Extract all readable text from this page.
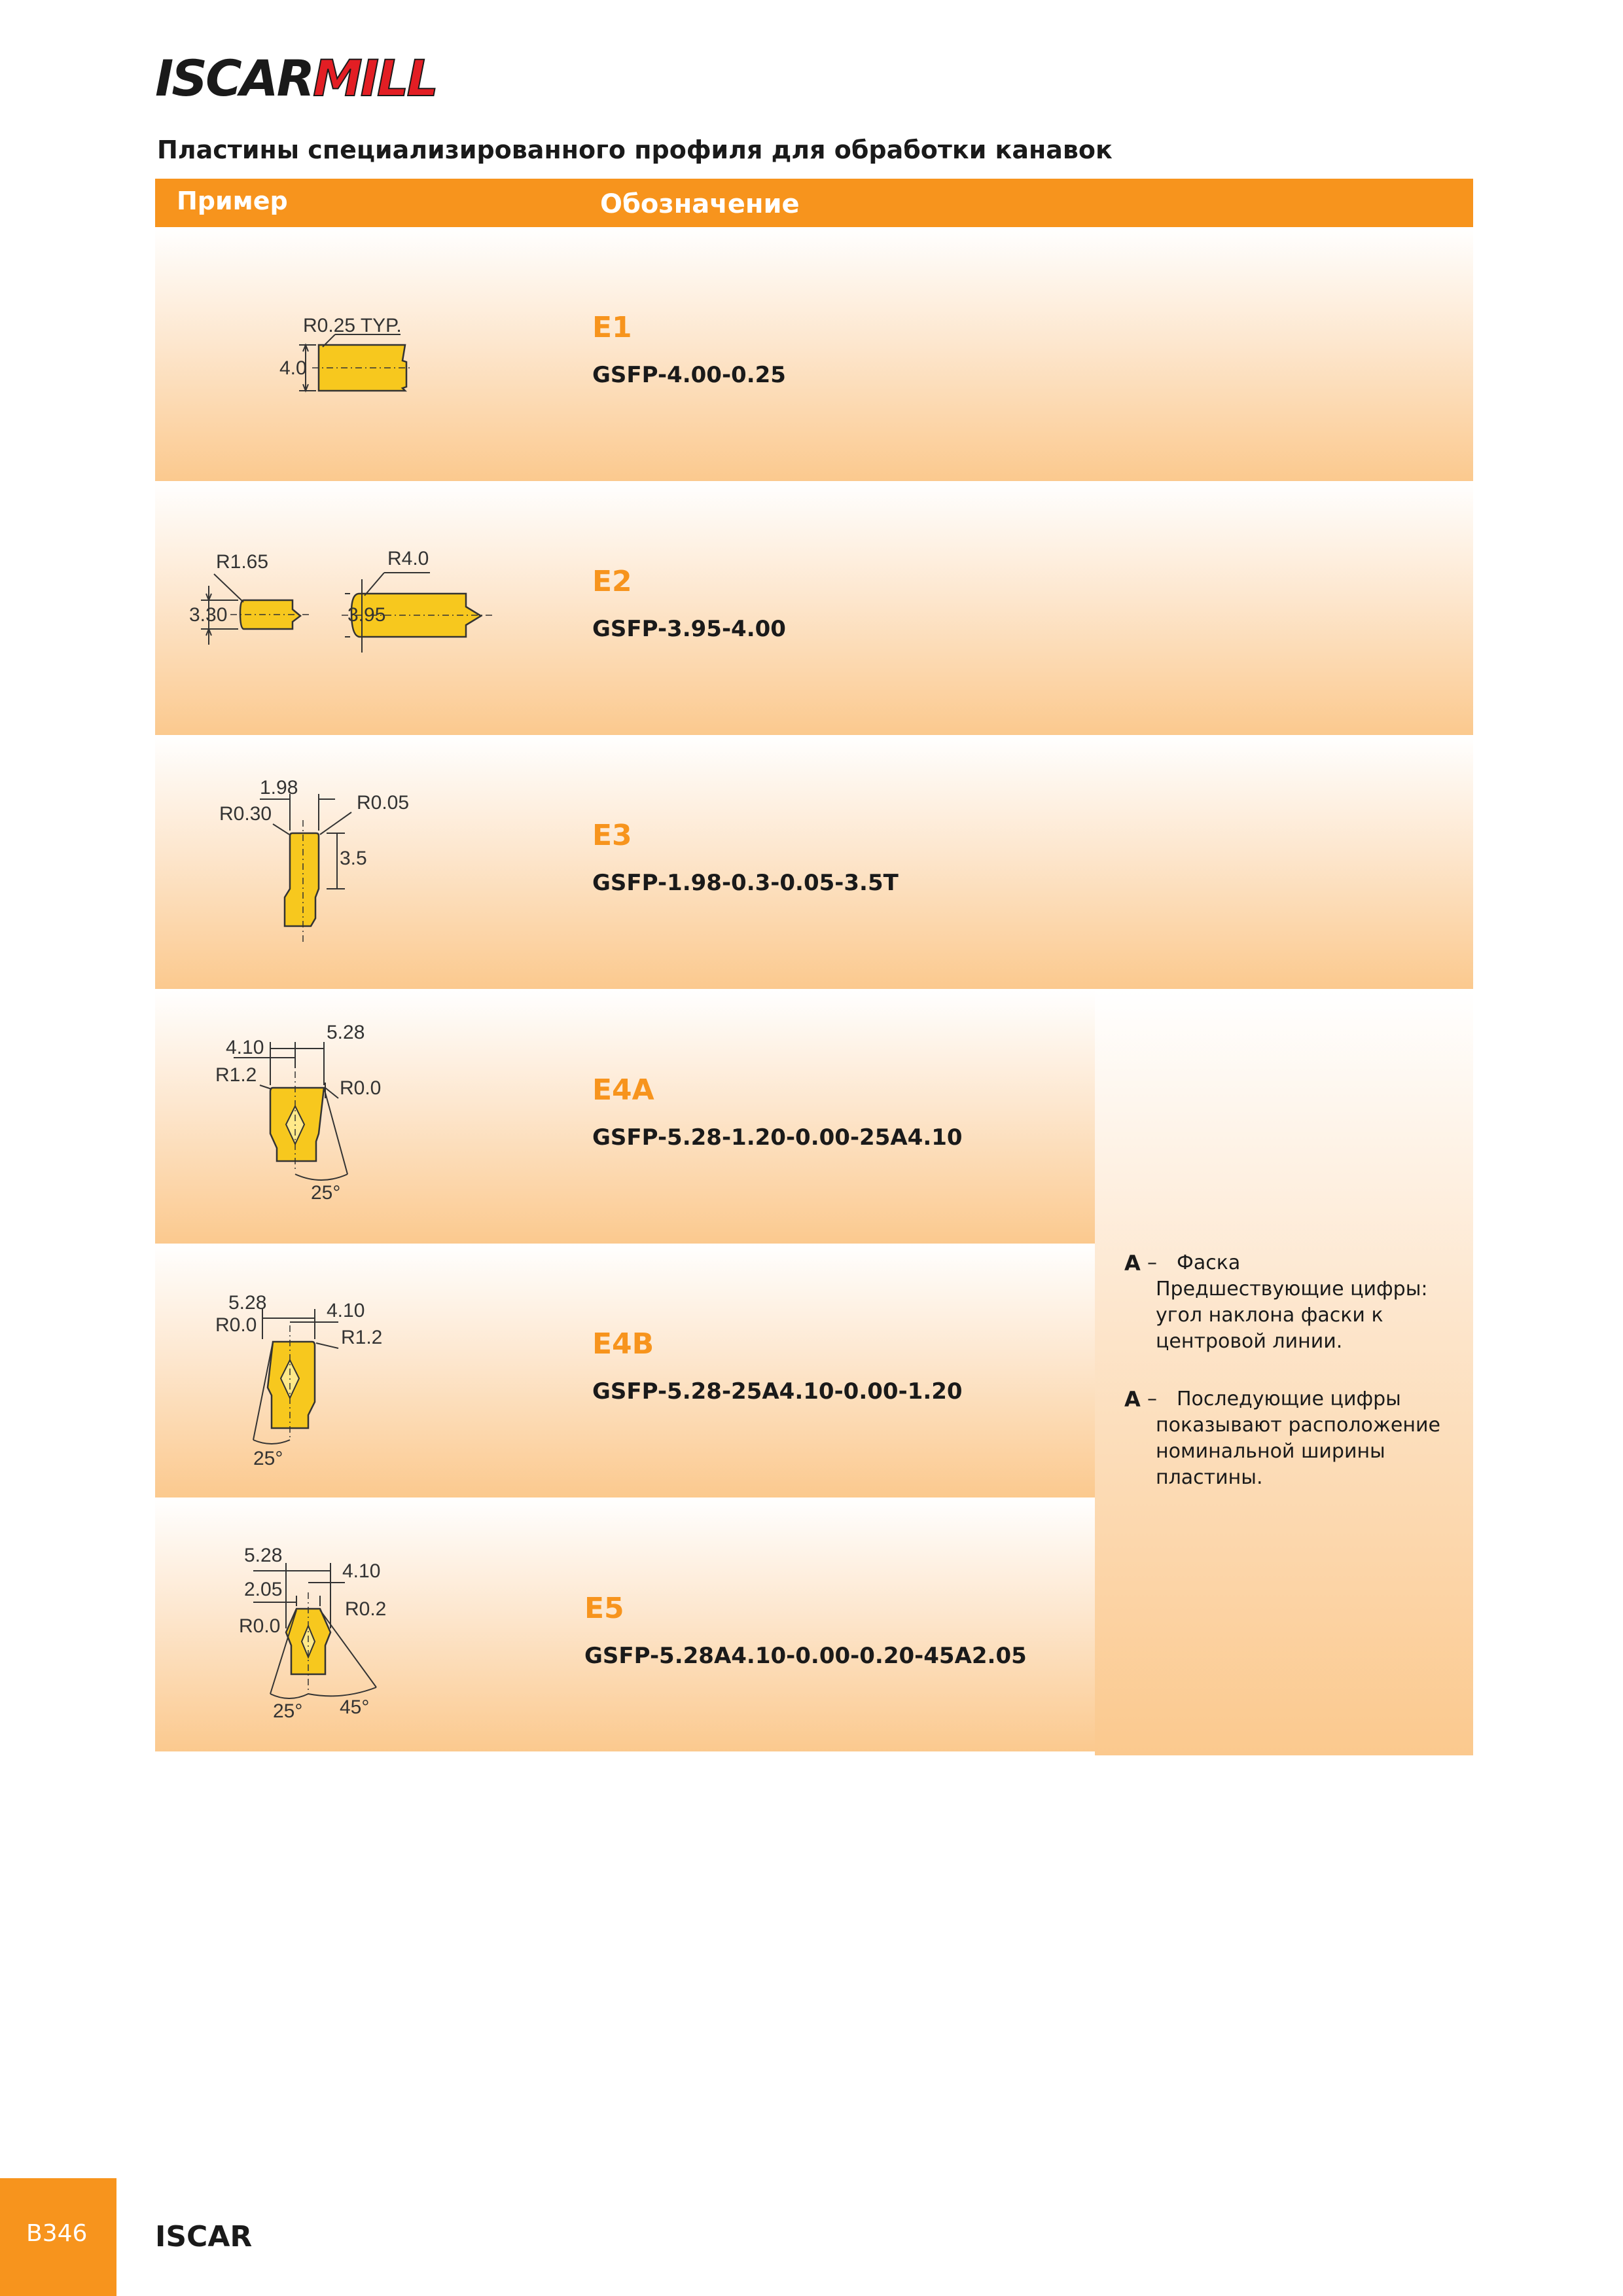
ISCARMILL
Пластины специализированного профиля для обработки канавок
Пример	Обозначение
R0.25 TYP.
4.0
E1
GSFP-4.00-0.25
R1.65
3.30
R4.0
3.95
E2
GSFP-3.95-4.00
1.98
R0.30
R0.05
3.5
E3
GSFP-1.98-0.3-0.05-3.5T
5.28
4.10
R1.2
R0.0
25°
E4A
GSFP-5.28-1.20-0.00-25A4.10
5.28	4.10
R0.0
R1.2
25°
E4B
GSFP-5.28-25A4.10-0.00-1.20
5.28
4.10
2.05
R0.2
R0.0
25° 45°
E5
GSFP-5.28A4.10-0.00-0.20-45A2.05
A –	Фаска
Предшествующие цифры: угол наклона фаски к центровой линии.
A –	Последующие цифры
показывают расположение номинальной ширины пластины.
B346 ISCAR
